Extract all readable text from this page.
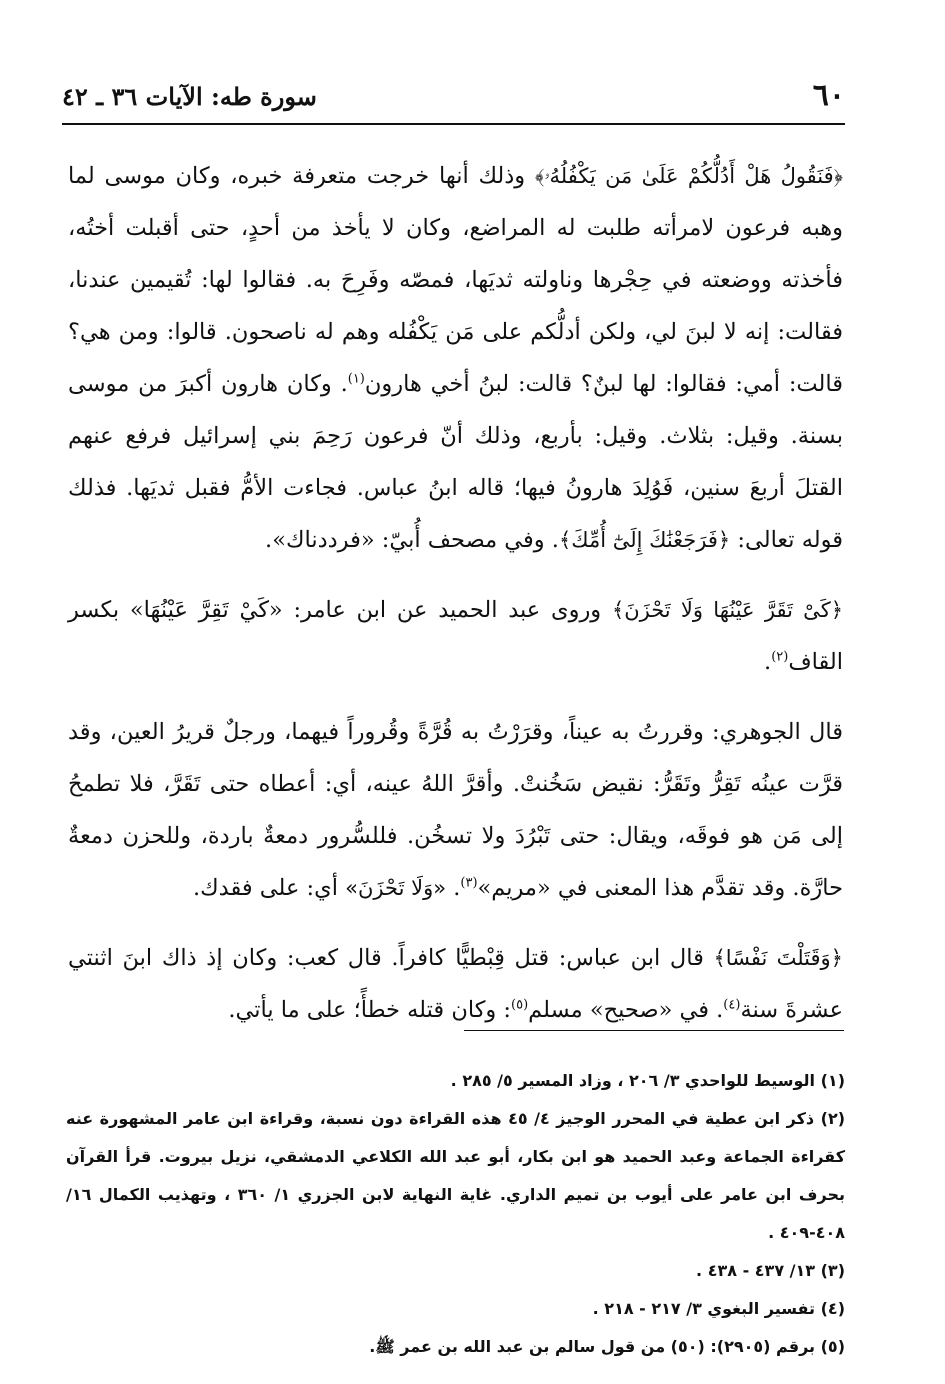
٦٠
سورة طه: الآيات ٣٦ ـ ٤٢

﴿فَنَقُولُ هَلْ أَدُلُّكُمْ عَلَىٰ مَن يَكْفُلُهُۥ﴾ وذلك أنها خرجت متعرفة خبره، وكان موسى لما وهبه فرعون لامرأته طلبت له المراضع، وكان لا يأخذ من أحدٍ، حتى أقبلت أختُه، فأخذته ووضعته في حِجْرها وناولته ثديَها، فمصّه وفَرِحَ به. فقالوا لها: تُقيمين عندنا، فقالت: إنه لا لبنَ لي، ولكن أدلُّكم على مَن يَكْفُله وهم له ناصحون. قالوا: ومن هي؟ قالت: أمي: فقالوا: لها لبنٌ؟ قالت: لبنُ أخي هارون$^{(١)}$. وكان هارون أكبرَ من موسى بسنة. وقيل: بثلاث. وقيل: بأربع، وذلك أنّ فرعون رَحِمَ بني إسرائيل فرفع عنهم القتلَ أربعَ سنين، فَوُلِدَ هارونُ فيها؛ قاله ابنُ عباس. فجاءت الأمُّ فقبل ثديَها. فذلك قوله تعالى: ﴿فَرَجَعْنَٰكَ إِلَىٰٓ أُمِّكَ﴾. وفي مصحف أُبيّ: «فرددناك».

﴿كَىْ تَقَرَّ عَيْنُهَا وَلَا تَحْزَنَ﴾ وروى عبد الحميد عن ابن عامر: «كَيْ تَقِرَّ عَيْنُهَا» بكسر القاف$^{(٢)}$.

قال الجوهري: وقررتُ به عيناً، وقرَرْتُ به قُرَّةً وقُروراً فيهما، ورجلٌ قريرُ العين، وقد قرَّت عينُه تَقِرُّ وتَقَرُّ: نقيض سَخُنتْ. وأقرَّ اللهُ عينه، أي: أعطاه حتى تَقَرَّ، فلا تطمحُ إلى مَن هو فوقَه، ويقال: حتى تَبْرُدَ ولا تسخُن. فللسُّرور دمعةٌ باردة، وللحزن دمعةٌ حارَّة. وقد تقدَّم هذا المعنى في «مريم»$^{(٣)}$. «وَلَا تَحْزَنَ» أي: على فقدك.

﴿وَقَتَلْتَ نَفْسًا﴾ قال ابن عباس: قتل قِبْطيًّا كافراً. قال كعب: وكان إذ ذاك ابنَ اثنتي عشرةَ سنة$^{(٤)}$. في «صحيح» مسلم$^{(٥)}$: وكان قتله خطأً؛ على ما يأتي.

(١) الوسيط للواحدي ٣/ ٢٠٦ ، وزاد المسير ٥/ ٢٨٥ .

(٢) ذكر ابن عطية في المحرر الوجيز ٤/ ٤٥ هذه القراءة دون نسبة، وقراءة ابن عامر المشهورة عنه كقراءة الجماعة وعبد الحميد هو ابن بكار، أبو عبد الله الكلاعي الدمشقي، نزيل بيروت. قرأ القرآن بحرف ابن عامر على أيوب بن تميم الداري. غاية النهاية لابن الجزري ١/ ٣٦٠ ، وتهذيب الكمال ١٦/ ٤٠٨-٤٠٩ .

(٣) ١٣/ ٤٣٧ - ٤٣٨ .

(٤) تفسير البغوي ٣/ ٢١٧ - ٢١٨ .

(٥) برقم (٢٩٠٥): (٥٠) من قول سالم بن عبد الله بن عمر ﷺ.
